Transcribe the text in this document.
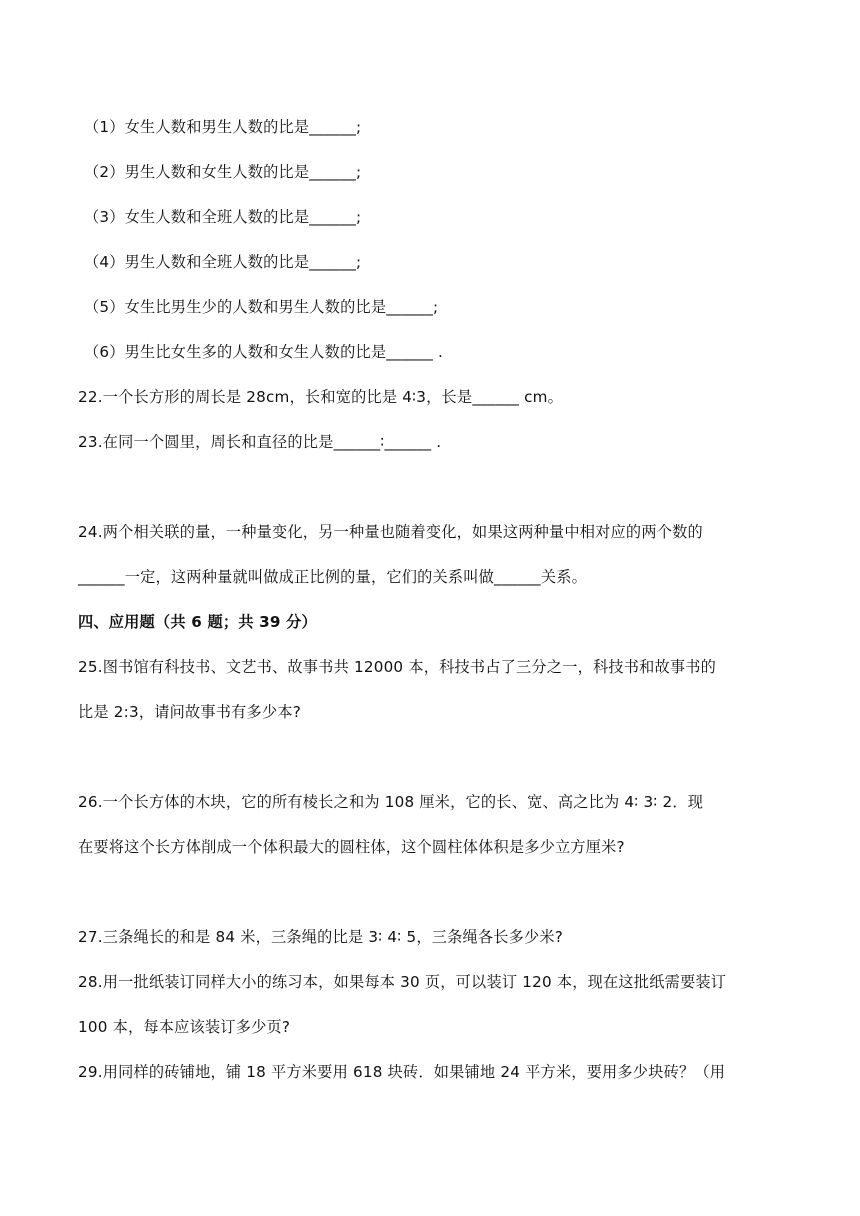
（1）女生人数和男生人数的比是______;
（2）男生人数和女生人数的比是______;
（3）女生人数和全班人数的比是______;
（4）男生人数和全班人数的比是______;
（5）女生比男生少的人数和男生人数的比是______;
（6）男生比女生多的人数和女生人数的比是______ .
22.一个长方形的周长是 28cm，长和宽的比是 4∶3，长是______ cm。
23.在同一个圆里，周长和直径的比是______∶______ .
24.两个相关联的量，一种量变化，另一种量也随着变化，如果这两种量中相对应的两个数的
______一定，这两种量就叫做成正比例的量，它们的关系叫做______关系。
四、应用题（共 6 题；共 39 分）
25.图书馆有科技书、文艺书、故事书共 12000 本，科技书占了三分之一，科技书和故事书的
比是 2:3，请问故事书有多少本?
26.一个长方体的木块，它的所有棱长之和为 108 厘米，它的长、宽、高之比为 4∶ 3∶ 2．现
在要将这个长方体削成一个体积最大的圆柱体，这个圆柱体体积是多少立方厘米?
27.三条绳长的和是 84 米，三条绳的比是 3∶ 4∶ 5，三条绳各长多少米?
28.用一批纸装订同样大小的练习本，如果每本 30 页，可以装订 120 本，现在这批纸需要装订
100 本，每本应该装订多少页?
29.用同样的砖铺地，铺 18 平方米要用 618 块砖．如果铺地 24 平方米，要用多少块砖？（用
